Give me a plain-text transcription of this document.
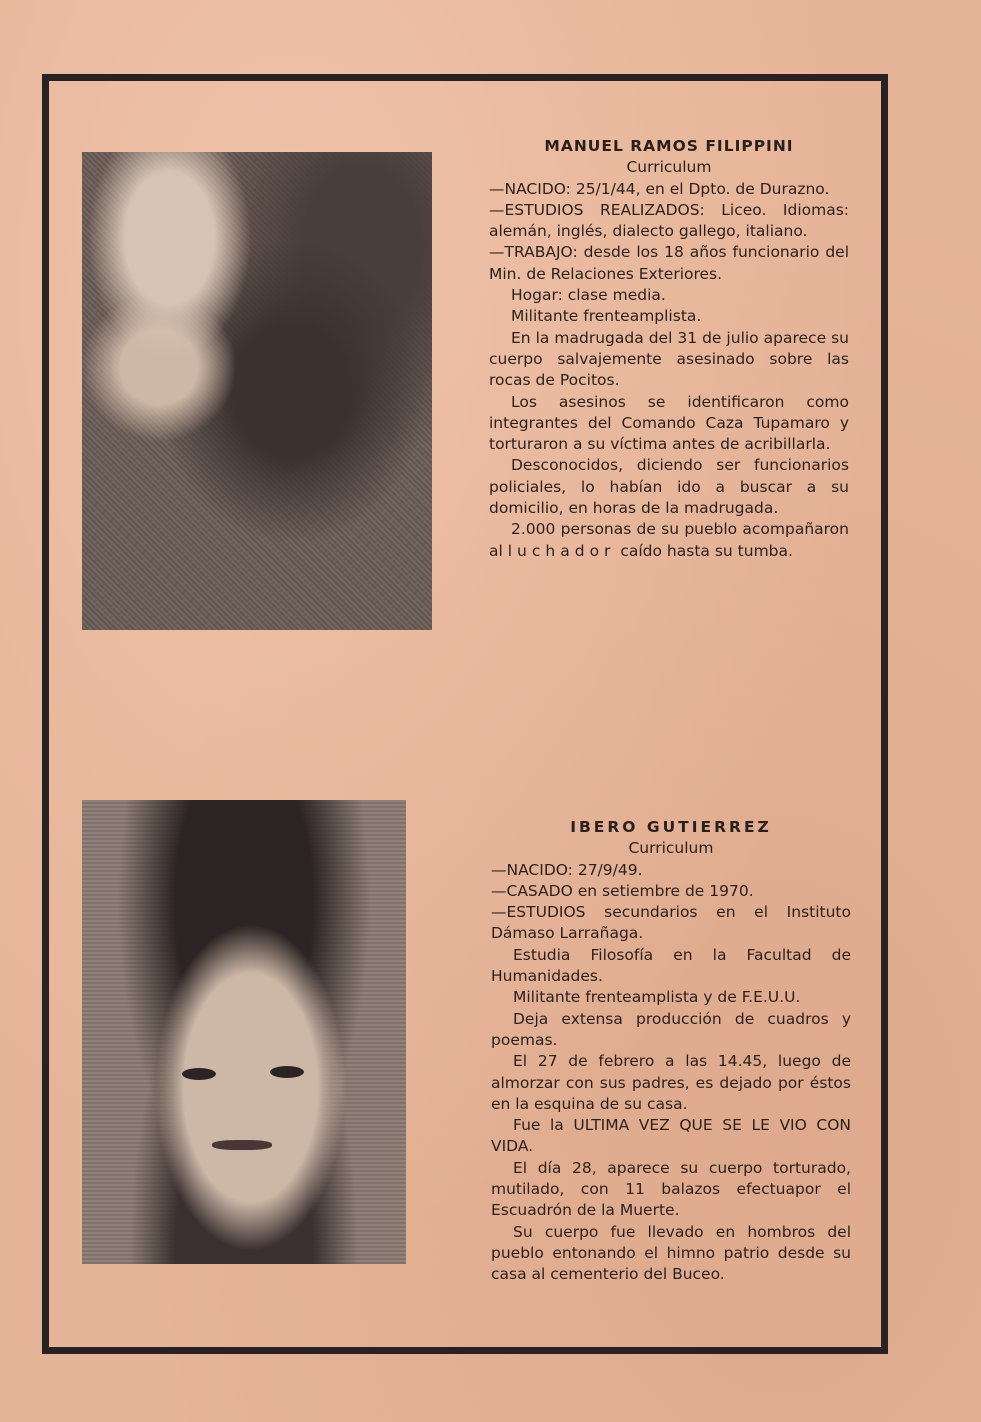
MANUEL RAMOS FILIPPINI
Curriculum

—NACIDO: 25/1/44, en el Dpto. de Durazno.

—ESTUDIOS REALIZADOS: Liceo. Idiomas: alemán, inglés, dialecto gallego, italiano.

—TRABAJO: desde los 18 años funcionario del Min. de Relaciones Exteriores.

Hogar: clase media.

Militante frenteamplista.

En la madrugada del 31 de julio aparece su cuerpo salvajemente asesinado sobre las rocas de Pocitos.

Los asesinos se identificaron como integrantes del Comando Caza Tupamaro y torturaron a su víctima antes de acribillarla.

Desconocidos, diciendo ser funcionarios policiales, lo habían ido a buscar a su domicilio, en horas de la madrugada.

2.000 personas de su pueblo acompañaron al luchador caído hasta su tumba.

IBERO GUTIERREZ
Curriculum

—NACIDO: 27/9/49.

—CASADO en setiembre de 1970.

—ESTUDIOS secundarios en el Instituto Dámaso Larrañaga.

Estudia Filosofía en la Facultad de Humanidades.

Militante frenteamplista y de F.E.U.U.

Deja extensa producción de cuadros y poemas.

El 27 de febrero a las 14.45, luego de almorzar con sus padres, es dejado por éstos en la esquina de su casa.

Fue la ULTIMA VEZ QUE SE LE VIO CON VIDA.

El día 28, aparece su cuerpo torturado, mutilado, con 11 balazos efectuapor el Escuadrón de la Muerte.

Su cuerpo fue llevado en hombros del pueblo entonando el himno patrio desde su casa al cementerio del Buceo.
